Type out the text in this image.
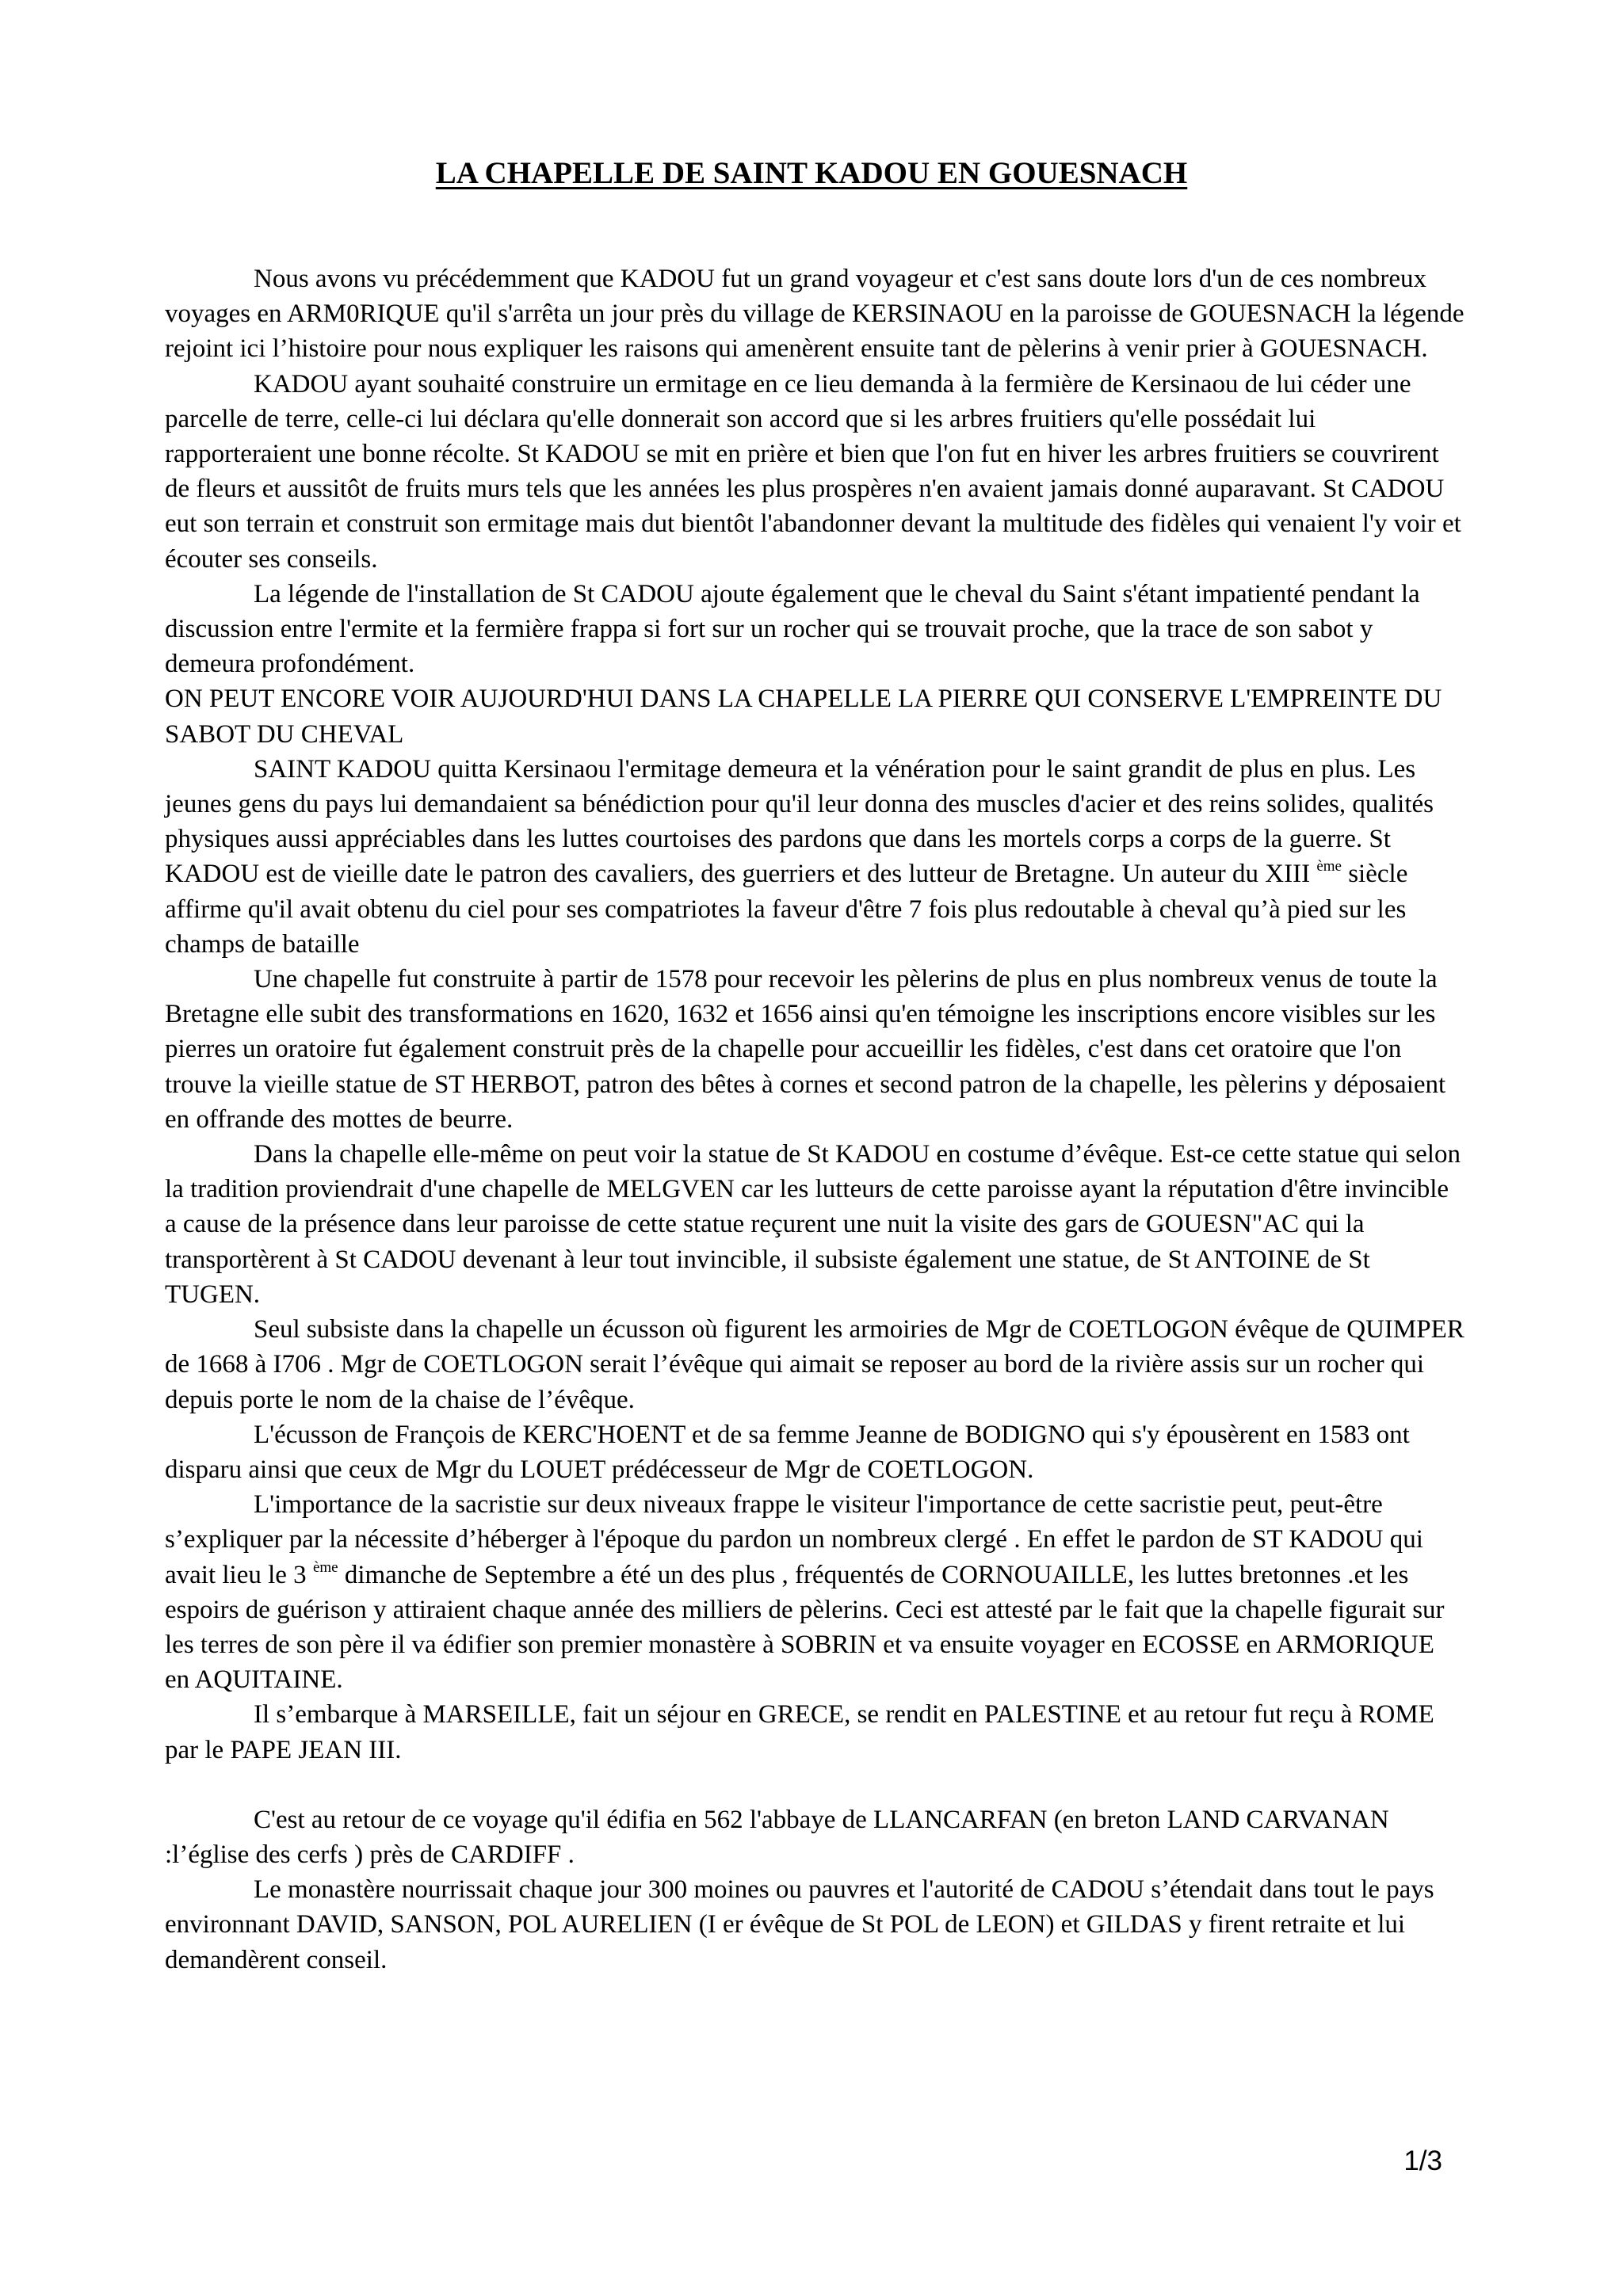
LA CHAPELLE DE SAINT KADOU EN GOUESNACH

Nous avons vu précédemment que KADOU fut un grand voyageur et c'est sans doute lors d'un de ces nombreux voyages en ARM0RIQUE qu'il s'arrêta un jour près du village de KERSINAOU en la paroisse de GOUESNACH la légende rejoint ici l’histoire pour nous expliquer les raisons qui amenèrent ensuite tant de pèlerins à venir prier à GOUESNACH.

KADOU ayant souhaité construire un ermitage en ce lieu demanda à la fermière de Kersinaou de lui céder une parcelle de terre, celle-ci lui déclara qu'elle donnerait son accord que si les arbres fruitiers qu'elle possédait lui rapporteraient une bonne récolte. St KADOU se mit en prière et bien que l'on fut en hiver les arbres fruitiers se couvrirent de fleurs et aussitôt de fruits murs tels que les années les plus prospères n'en avaient jamais donné auparavant. St CADOU eut son terrain et construit son ermitage mais dut bientôt l'abandonner devant la multitude des fidèles qui venaient l'y voir et écouter ses conseils.

La légende de l'installation de St CADOU ajoute également que le cheval du Saint s'étant impatienté pendant la discussion entre l'ermite et la fermière frappa si fort sur un rocher qui se trouvait proche, que la trace de son sabot y demeura profondément.

ON PEUT ENCORE VOIR AUJOURD'HUI DANS LA CHAPELLE LA PIERRE QUI CONSERVE L'EMPREINTE DU SABOT DU CHEVAL

SAINT KADOU quitta Kersinaou l'ermitage demeura et la vénération pour le saint grandit de plus en plus. Les jeunes gens du pays lui demandaient sa bénédiction pour qu'il leur donna des muscles d'acier et des reins solides, qualités physiques aussi appréciables dans les luttes courtoises des pardons que dans les mortels corps a corps de la guerre. St KADOU est de vieille date le patron des cavaliers, des guerriers et des lutteur de Bretagne. Un auteur du XIII $^{ème}$ siècle affirme qu'il avait obtenu du ciel pour ses compatriotes la faveur d'être 7 fois plus redoutable à cheval qu’à pied sur les champs de bataille

Une chapelle fut construite à partir de 1578 pour recevoir les pèlerins de plus en plus nombreux venus de toute la Bretagne elle subit des transformations en 1620, 1632 et 1656 ainsi qu'en témoigne les inscriptions encore visibles sur les pierres un oratoire fut également construit près de la chapelle pour accueillir les fidèles, c'est dans cet oratoire que l'on trouve la vieille statue de ST HERBOT, patron des bêtes à cornes et second patron de la chapelle, les pèlerins y déposaient en offrande des mottes de beurre.

Dans la chapelle elle-même on peut voir la statue de St KADOU en costume d’évêque. Est-ce cette statue qui selon la tradition proviendrait d'une chapelle de MELGVEN car les lutteurs de cette paroisse ayant la réputation d'être invincible a cause de la présence dans leur paroisse de cette statue reçurent une nuit la visite des gars de GOUESN"AC qui la transportèrent à St CADOU devenant à leur tout invincible, il subsiste également une statue, de St ANTOINE de St TUGEN.

Seul subsiste dans la chapelle un écusson où figurent les armoiries de Mgr de COETLOGON évêque de QUIMPER de 1668 à I706 . Mgr de COETLOGON serait l’évêque qui aimait se reposer au bord de la rivière assis sur un rocher qui depuis porte le nom de la chaise de l’évêque.

L'écusson de François de KERC'HOENT et de sa femme Jeanne de BODIGNO qui s'y épousèrent en 1583 ont disparu ainsi que ceux de Mgr du LOUET prédécesseur de Mgr de COETLOGON.

L'importance de la sacristie sur deux niveaux frappe le visiteur l'importance de cette sacristie peut, peut-être s’expliquer par la nécessite d’héberger à l'époque du pardon un nombreux clergé . En effet le pardon de ST KADOU qui avait lieu le 3 $^{ème}$ dimanche de Septembre a été un des plus , fréquentés de CORNOUAILLE, les luttes bretonnes .et les espoirs de guérison y attiraient chaque année des milliers de pèlerins. Ceci est attesté par le fait que la chapelle figurait sur les terres de son père il va édifier son premier monastère à SOBRIN et va ensuite voyager en ECOSSE en ARMORIQUE en AQUITAINE.

Il s’embarque à MARSEILLE, fait un séjour en GRECE, se rendit en PALESTINE et au retour fut reçu à ROME par le PAPE JEAN III.

C'est au retour de ce voyage qu'il édifia en 562 l'abbaye de LLANCARFAN (en breton LAND CARVANAN :l’église des cerfs ) près de CARDIFF .

Le monastère nourrissait chaque jour 300 moines ou pauvres et l'autorité de CADOU s’étendait dans tout le pays environnant DAVID, SANSON, POL AURELIEN (I er évêque de St POL de LEON) et GILDAS y firent retraite et lui demandèrent conseil.

1/3
